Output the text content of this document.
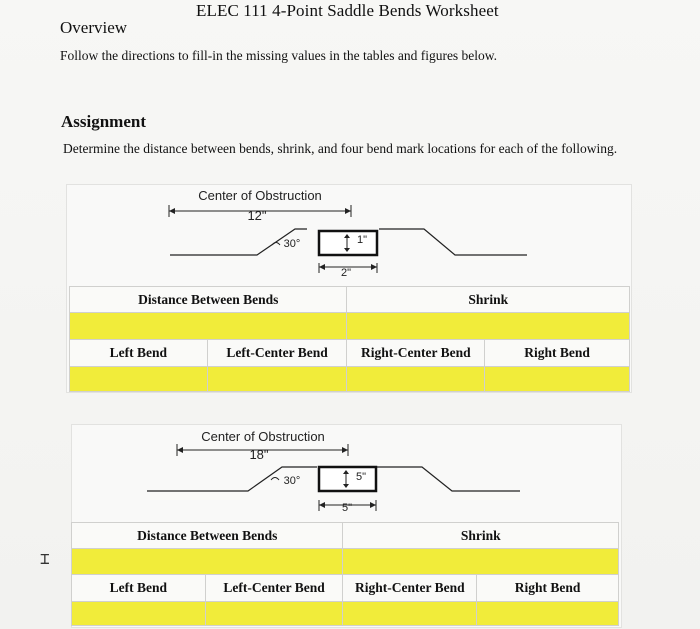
ELEC 111 4-Point Saddle Bends Worksheet
Overview
Follow the directions to fill-in the missing values in the tables and figures below.
Assignment
Determine the distance between bends, shrink, and four bend mark locations for each of the following.
Center of Obstruction
12"
30°	1"
2"
Distance Between Bends		Shrink	

Left Bend	Left-Center Bend	Right-Center Bend	Right Bend

Center of Obstruction
18"
30°	5"
5"
Distance Between Bends		Shrink	

Left Bend	Left-Center Bend	Right-Center Bend	Right Bend

⌶
